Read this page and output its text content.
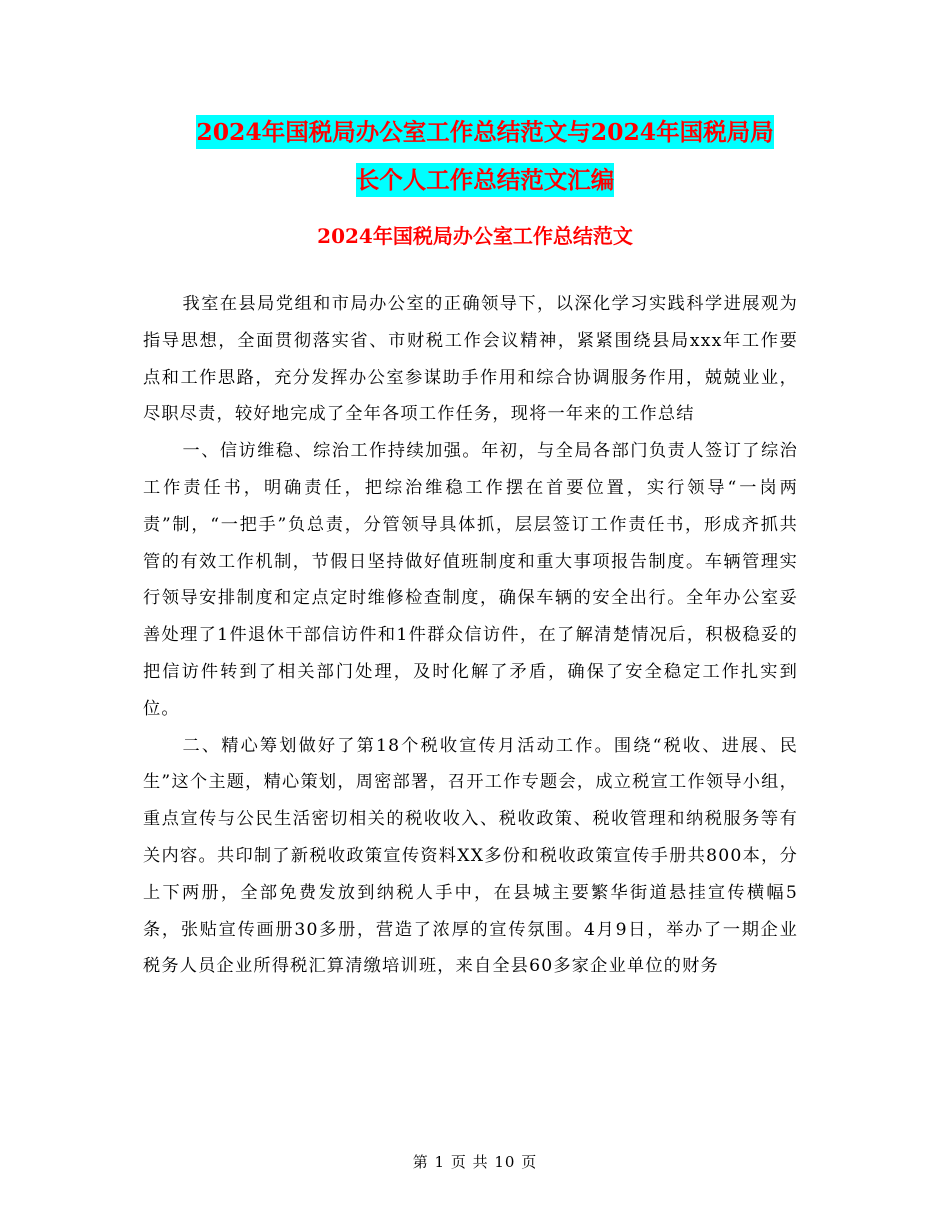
2024年国税局办公室工作总结范文与2024年国税局局
长个人工作总结范文汇编
2024年国税局办公室工作总结范文

我室在县局党组和市局办公室的正确领导下，以深化学习实践科学进展观为指导思想，全面贯彻落实省、市财税工作会议精神，紧紧围绕县局xxx年工作要点和工作思路，充分发挥办公室参谋助手作用和综合协调服务作用，兢兢业业，尽职尽责，较好地完成了全年各项工作任务，现将一年来的工作总结

一、信访维稳、综治工作持续加强。年初，与全局各部门负责人签订了综治工作责任书，明确责任，把综治维稳工作摆在首要位置，实行领导“一岗两责”制，“一把手”负总责，分管领导具体抓，层层签订工作责任书，形成齐抓共管的有效工作机制，节假日坚持做好值班制度和重大事项报告制度。车辆管理实行领导安排制度和定点定时维修检查制度，确保车辆的安全出行。全年办公室妥善处理了1件退休干部信访件和1件群众信访件，在了解清楚情况后，积极稳妥的把信访件转到了相关部门处理，及时化解了矛盾，确保了安全稳定工作扎实到位。

二、精心筹划做好了第18个税收宣传月活动工作。围绕“税收、进展、民生”这个主题，精心策划，周密部署，召开工作专题会，成立税宣工作领导小组，重点宣传与公民生活密切相关的税收收入、税收政策、税收管理和纳税服务等有关内容。共印制了新税收政策宣传资料XX多份和税收政策宣传手册共800本，分上下两册，全部免费发放到纳税人手中，在县城主要繁华街道悬挂宣传横幅5条，张贴宣传画册30多册，营造了浓厚的宣传氛围。4月9日，举办了一期企业税务人员企业所得税汇算清缴培训班，来自全县60多家企业单位的财务

第 1 页 共 10 页
